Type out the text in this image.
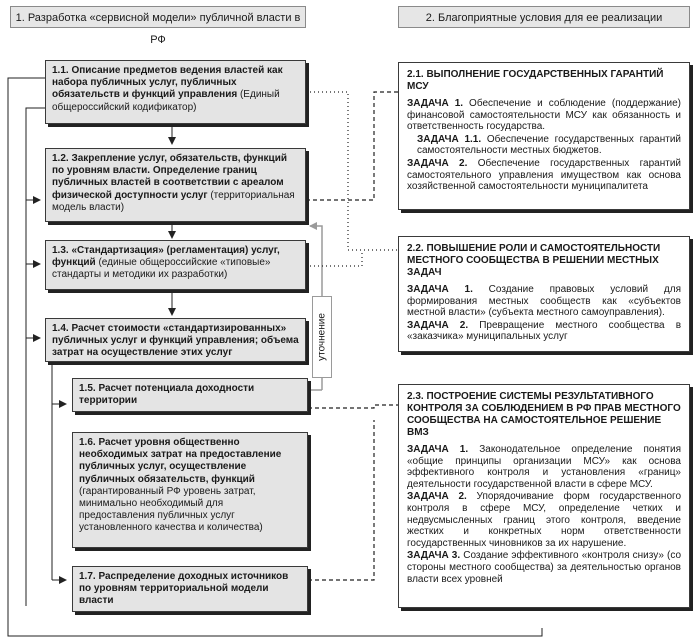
1. Разработка «сервисной модели» публичной власти в РФ
2. Благоприятные условия для ее реализации
1.1. Описание предметов ведения властей как набора публичных услуг, публичных обязательств и функций управления (Единый общероссийский кодификатор)
1.2. Закрепление услуг, обязательств, функций по уровням власти. Определение границ публичных властей в соответствии с ареалом физической доступности услуг (территориальная модель власти)
1.3. «Стандартизация» (регламентация) услуг, функций (единые общероссийские «типовые» стандарты и методики их разработки)
1.4. Расчет стоимости «стандартизированных» публичных услуг и функций управления; объема затрат на осуществление этих услуг
1.5. Расчет потенциала доходности территории
1.6. Расчет уровня общественно необходимых затрат на предоставление публичных услуг, осуществление публичных обязательств, функций (гарантированный РФ уровень затрат, минимально необходимый для предоставления публичных услуг установленного качества и количества)
1.7. Распределение доходных источников по уровням территориальной модели власти
уточнение
2.1. ВЫПОЛНЕНИЕ ГОСУДАРСТВЕННЫХ ГАРАНТИЙ МСУ
ЗАДАЧА 1. Обеспечение и соблюдение (поддержание) финансовой самостоятельности МСУ как обязанность и ответственность государства.
ЗАДАЧА 1.1. Обеспечение государственных гарантий самостоятельности местных бюджетов.
ЗАДАЧА 2. Обеспечение государственных гарантий самостоятельного управления имуществом как основа хозяйственной самостоятельности муниципалитета
2.2. ПОВЫШЕНИЕ РОЛИ И САМОСТОЯТЕЛЬНОСТИ МЕСТНОГО СООБЩЕСТВА В РЕШЕНИИ МЕСТНЫХ ЗАДАЧ
ЗАДАЧА 1. Создание правовых условий для формирования местных сообществ как «субъектов местной власти» (субъекта местного самоуправления).
ЗАДАЧА 2. Превращение местного сообщества в «заказчика» муниципальных услуг
2.3. ПОСТРОЕНИЕ СИСТЕМЫ РЕЗУЛЬТАТИВНОГО КОНТРОЛЯ ЗА СОБЛЮДЕНИЕМ В РФ ПРАВ МЕСТНОГО СООБЩЕСТВА НА САМОСТОЯТЕЛЬНОЕ РЕШЕНИЕ ВМЗ
ЗАДАЧА 1. Законодательное определение понятия «общие принципы организации МСУ» как основа эффективного контроля и установления «границ» деятельности государственной власти в сфере МСУ.
ЗАДАЧА 2. Упорядочивание форм государственного контроля в сфере МСУ, определение четких и недвусмысленных границ этого контроля, введение жестких и конкретных норм ответственности государственных чиновников за их нарушение.
ЗАДАЧА 3. Создание эффективного «контроля снизу» (со стороны местного сообщества) за деятельностью органов власти всех уровней
